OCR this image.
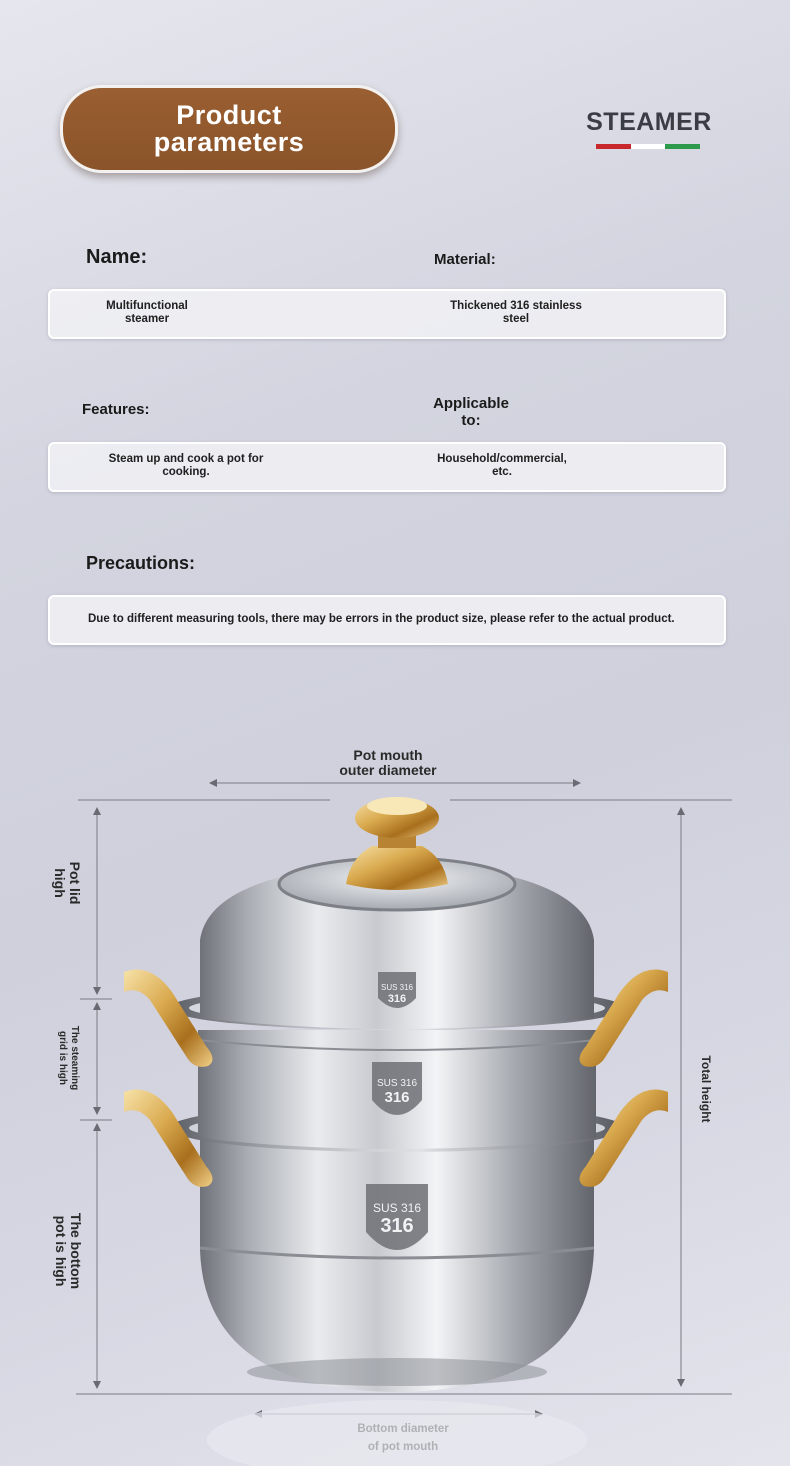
Product
parameters
STEAMER
Name:	Material:
Multifunctional
steamer
Thickened 316 stainless
steel
Features:	Applicable
to:
Steam up and cook a pot for
cooking.
Household/commercial,
etc.
Precautions:
Due to different measuring tools, there may be errors in the product size, please refer to the actual product.
Pot mouth
outer diameter
Pot lid
high
The steaming
grid is high
The bottom
pot is high
Total height
SUS 316
316
SUS 316
316
SUS 316
316
